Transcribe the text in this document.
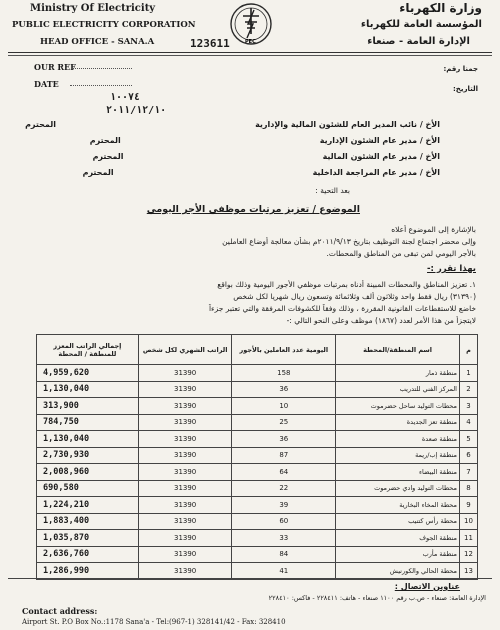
Ministry Of Electricity
PUBLIC ELECTRICITY CORPORATION
HEAD OFFICE - SANA.A	123611
وزارة الكهرباء
المؤسسة العامة للكهرباء
الإدارة العامة - صنعاء
PEC
OUR REF
DATE
جمنا رقم:
التاريخ:
١٠٠٧٤
٢٠١١/١٢/١٠
الأخ / نائب المدير العام للشئون المالية والإدارية
المحترم
الأخ / مدير عام الشئون الإدارية
المحترم
الأخ / مدير عام الشئون المالية
المحترم
الأخ / مدير عام المراجعة الداخلية
المحترم
بعد التحية :
الموضوع / تعزيز مرتبات موظفي الأجر اليومي
بالإشارة إلى الموضوع أعلاه
وإلى محضر اجتماع لجنة التوظيف بتاريخ ٢٠١١/٩/١٣م بشأن معالجة أوضاع العاملين
بالأجر اليومي لمن تبقى من المناطق والمحطات.
بهذا تقرر :-
١. تعزيز المناطق والمحطات المبينة أدناه بمرتبات موظفي الأجور اليومية وذلك بواقع
(٣١٣٩٠) ريال فقط واحد وثلاثون ألف وثلاثمائة وتسعون ريال شهريا لكل شخص
خاضع للاستقطاعات القانونية المقررة ، وذلك وفقاً للكشوفات المرفقة والتي تعتبر جزءاً
لايتجزأ من هذا الأمر لعدد (١٨٦٧) موظف وعلى النحو التالي :-
إجمالي الراتب المعزز للمنطقة / المحطة	الراتب الشهري لكل شخص	اليومية عدد العاملين بالأجور	اسم المنطقة/المحطة	م
4,959,620	31390	158	منطقة ذمار	1
1,130,040	31390	36	المركز الفني للتدريب	2
313,900	31390	10	محطات التوليد ساحل حضرموت	3
784,750	31390	25	منطقة تعز الجديدة	4
1,130,040	31390	36	منطقة صعدة	5
2,730,930	31390	87	منطقة إب/ريمة	6
2,008,960	31390	64	منطقة البيضاء	7
690,580	31390	22	محطات التوليد وادي حضرموت	8
1,224,210	31390	39	محطة المخاء البخارية	9
1,883,400	31390	60	محطة رأس كتنيب	10
1,035,870	31390	33	منطقة الجوف	11
2,636,760	31390	84	منطقة مأرب	12
1,286,990	31390	41	محطة الحالي والكورنيش	13
عناوين الاتصال :
الإدارة العامة: صنعاء - ص.ب رقم ١١٠٠ صنعاء - هاتف: ٢٢٨٤١١ - فاكس: ٢٢٨٤١٠
Contact address:
Airport St. P.O Box No.:1178 Sana'a - Tel:(967-1) 328141/42 - Fax: 328410
